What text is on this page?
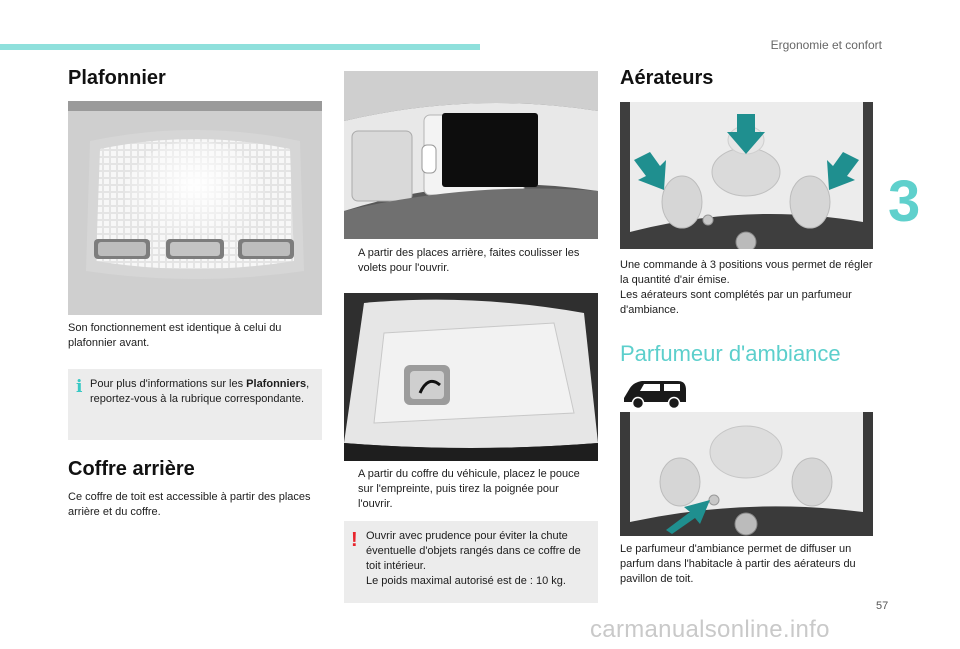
Ergonomie et confort
3
57
Plafonnier
Son fonctionnement est identique à celui du plafonnier avant.
i Pour plus d'informations sur les Plafonniers, reportez-vous à la rubrique correspondante.
Coffre arrière
Ce coffre de toit est accessible à partir des places arrière et du coffre.
A partir des places arrière, faites coulisser les volets pour l'ouvrir.
A partir du coffre du véhicule, placez le pouce sur l'empreinte, puis tirez la poignée pour l'ouvrir.
! Ouvrir avec prudence pour éviter la chute éventuelle d'objets rangés dans ce coffre de toit intérieur.
Le poids maximal autorisé est de : 10 kg.
Aérateurs
Une commande à 3 positions vous permet de régler la quantité d'air émise.
Les aérateurs sont complétés par un parfumeur d'ambiance.
Parfumeur d'ambiance
Le parfumeur d'ambiance permet de diffuser un parfum dans l'habitacle à partir des aérateurs du pavillon de toit.
carmanualsonline.info
